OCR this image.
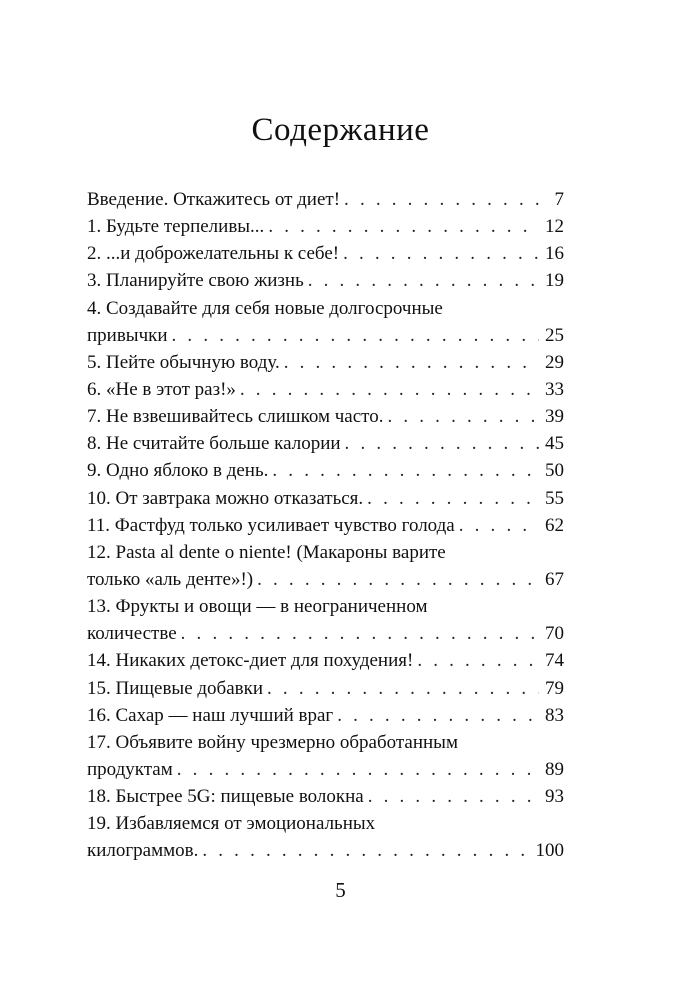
Содержание
Введение. Откажитесь от диет! . . .	7
1. Будьте терпеливы... . . .	12
2. ...и доброжелательны к себе! . . .	16
3. Планируйте свою жизнь . . .	19
4. Создавайте для себя новые долгосрочные
привычки . . .	25
5. Пейте обычную воду. . . .	29
6. «Не в этот раз!» . . .	33
7. Не взвешивайтесь слишком часто. . . .	39
8. Не считайте больше калории . . .	45
9. Одно яблоко в день. . . .	50
10. От завтрака можно отказаться. . . .	55
11. Фастфуд только усиливает чувство голода . . .	62
12. Pasta al dente o niente! (Макароны варите
только «аль денте»!) . . .	67
13. Фрукты и овощи — в неограниченном
количестве . . .	70
14. Никаких детокс-диет для похудения! . . .	74
15. Пищевые добавки . . .	79
16. Сахар — наш лучший враг . . .	83
17. Объявите войну чрезмерно обработанным
продуктам . . .	89
18. Быстрее 5G: пищевые волокна . . .	93
19. Избавляемся от эмоциональных
килограммов. . . .	100
5
